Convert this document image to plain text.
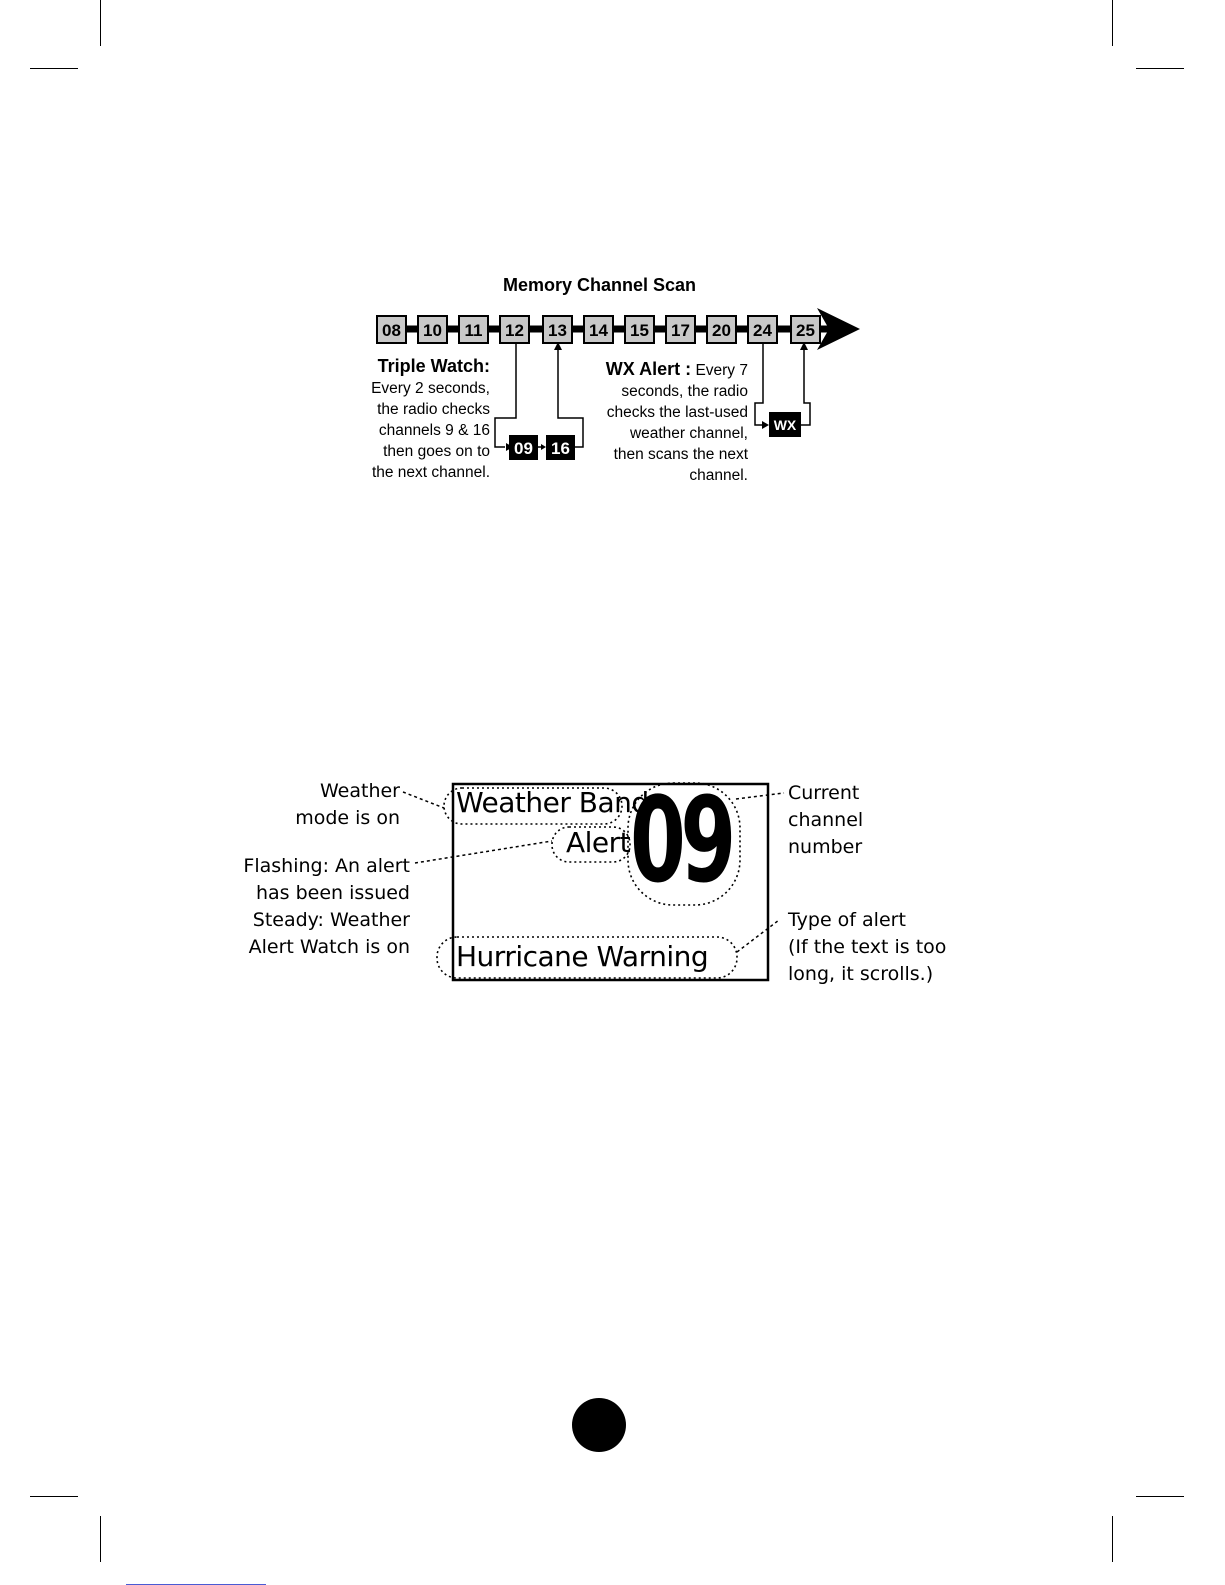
Memory Channel Scan
08 10 11 12 13 14 15 17 20 24 25
09 16
WX
Triple Watch:
Every 2 seconds,
the radio checks
channels 9 & 16
then goes on to
the next channel.
WX Alert : Every 7
seconds, the radio
checks the last-used
weather channel,
then scans the next
channel.
Weather Band
Alert 09
Hurricane Warning
Weather
mode is on
Flashing: An alert
has been issued
Steady: Weather
Alert Watch is on
Current
channel
number
Type of alert
(If the text is too
long, it scrolls.)
